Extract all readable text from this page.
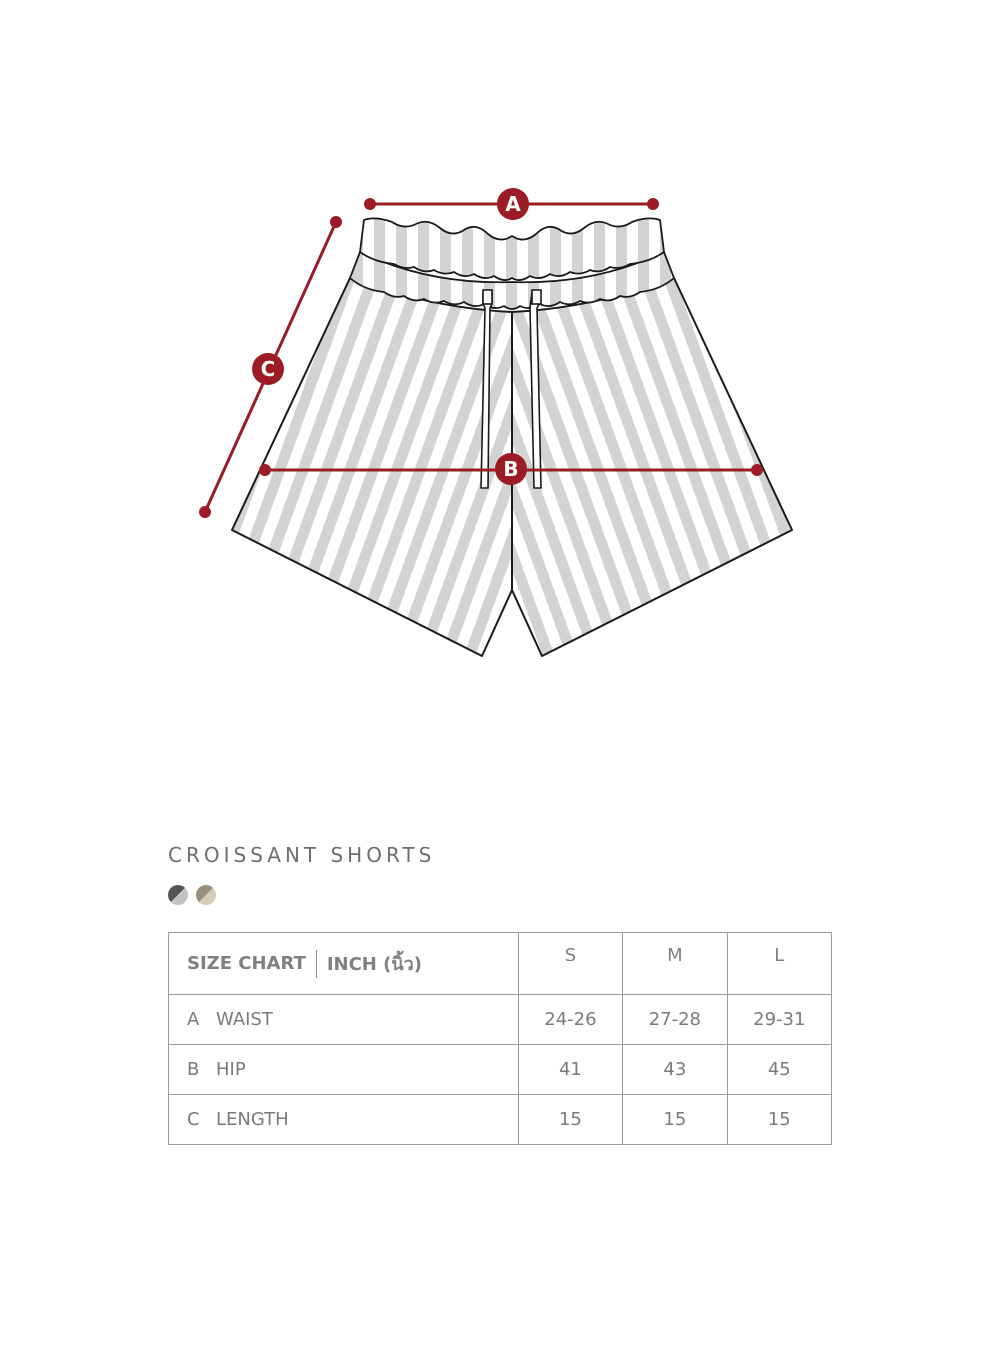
A
B
C
CROISSANT SHORTS
SIZE CHART INCH (นิ้ว)	S	M	L
A WAIST	24-26	27-28	29-31
B HIP	41	43	45
C LENGTH	15	15	15
